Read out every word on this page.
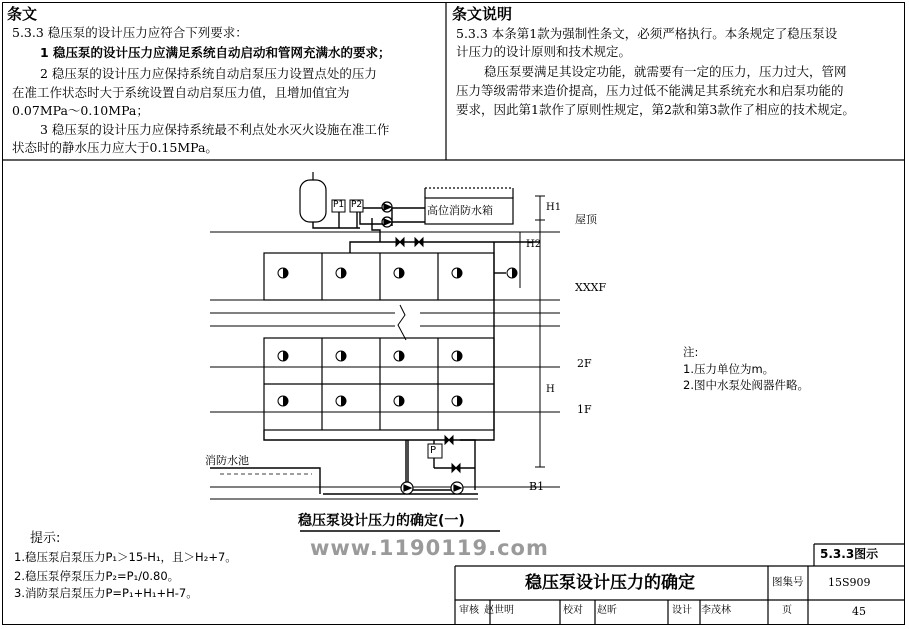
条文	条文说明
5.3.3 稳压泵的设计压力应符合下列要求：
1 稳压泵的设计压力应满足系统自动启动和管网充满水的要求；
2 稳压泵的设计压力应保持系统自动启泵压力设置点处的压力
在准工作状态时大于系统设置自动启泵压力值，且增加值宜为
0.07MPa～0.10MPa；
3 稳压泵的设计压力应保持系统最不利点处水灭火设施在准工作
状态时的静水压力应大于0.15MPa。
5.3.3 本条第1款为强制性条文，必须严格执行。本条规定了稳压泵设
计压力的设计原则和技术规定。
稳压泵要满足其设定功能，就需要有一定的压力，压力过大，管网
压力等级需带来造价提高，压力过低不能满足其系统充水和启泵功能的
要求，因此第1款作了原则性规定，第2款和第3款作了相应的技术规定。
高位消防水箱
P1 P2
P
屋顶
XXXF
2F
1F
B1
消防水池
H1
H2
H
稳压泵设计压力的确定(一)
注:
1.压力单位为m。
2.图中水泵处阀器件略。
提示:
1.稳压泵启泵压力P₁＞15-H₁，且＞H₂+7。
2.稳压泵停泵压力P₂=P₁/0.80。
3.消防泵启泵压力P=P₁+H₁+H-7。
www.1190119.com	5.3.3图示
稳压泵设计压力的确定	图集号 15S909
审核 赵世明	校对 赵昕	设计 李茂林	页	45
